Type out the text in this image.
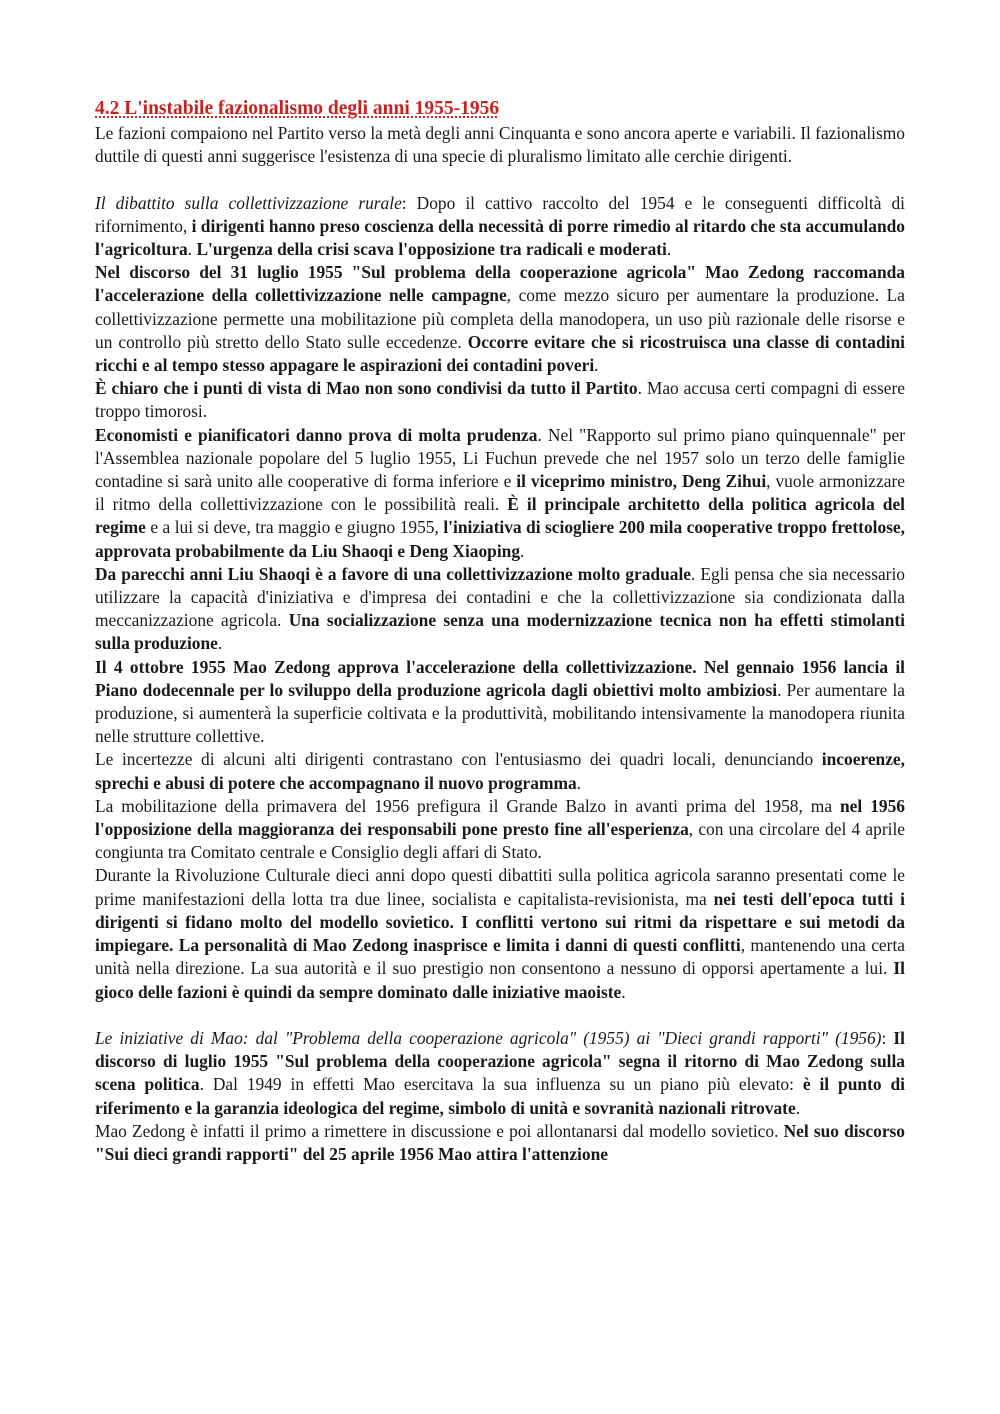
4.2 L'instabile fazionalismo degli anni 1955-1956

Le fazioni compaiono nel Partito verso la metà degli anni Cinquanta e sono ancora aperte e variabili. Il fazionalismo duttile di questi anni suggerisce l'esistenza di una specie di pluralismo limitato alle cerchie dirigenti.

Il dibattito sulla collettivizzazione rurale: Dopo il cattivo raccolto del 1954 e le conseguenti difficoltà di rifornimento, i dirigenti hanno preso coscienza della necessità di porre rimedio al ritardo che sta accumulando l'agricoltura. L'urgenza della crisi scava l'opposizione tra radicali e moderati.

Nel discorso del 31 luglio 1955 "Sul problema della cooperazione agricola" Mao Zedong raccomanda l'accelerazione della collettivizzazione nelle campagne, come mezzo sicuro per aumentare la produzione. La collettivizzazione permette una mobilitazione più completa della manodopera, un uso più razionale delle risorse e un controllo più stretto dello Stato sulle eccedenze. Occorre evitare che si ricostruisca una classe di contadini ricchi e al tempo stesso appagare le aspirazioni dei contadini poveri.

È chiaro che i punti di vista di Mao non sono condivisi da tutto il Partito. Mao accusa certi compagni di essere troppo timorosi.

Economisti e pianificatori danno prova di molta prudenza. Nel "Rapporto sul primo piano quinquennale" per l'Assemblea nazionale popolare del 5 luglio 1955, Li Fuchun prevede che nel 1957 solo un terzo delle famiglie contadine si sarà unito alle cooperative di forma inferiore e il viceprimo ministro, Deng Zihui, vuole armonizzare il ritmo della collettivizzazione con le possibilità reali. È il principale architetto della politica agricola del regime e a lui si deve, tra maggio e giugno 1955, l'iniziativa di sciogliere 200 mila cooperative troppo frettolose, approvata probabilmente da Liu Shaoqi e Deng Xiaoping.

Da parecchi anni Liu Shaoqi è a favore di una collettivizzazione molto graduale. Egli pensa che sia necessario utilizzare la capacità d'iniziativa e d'impresa dei contadini e che la collettivizzazione sia condizionata dalla meccanizzazione agricola. Una socializzazione senza una modernizzazione tecnica non ha effetti stimolanti sulla produzione.

Il 4 ottobre 1955 Mao Zedong approva l'accelerazione della collettivizzazione. Nel gennaio 1956 lancia il Piano dodecennale per lo sviluppo della produzione agricola dagli obiettivi molto ambiziosi. Per aumentare la produzione, si aumenterà la superficie coltivata e la produttività, mobilitando intensivamente la manodopera riunita nelle strutture collettive.

Le incertezze di alcuni alti dirigenti contrastano con l'entusiasmo dei quadri locali, denunciando incoerenze, sprechi e abusi di potere che accompagnano il nuovo programma.

La mobilitazione della primavera del 1956 prefigura il Grande Balzo in avanti prima del 1958, ma nel 1956 l'opposizione della maggioranza dei responsabili pone presto fine all'esperienza, con una circolare del 4 aprile congiunta tra Comitato centrale e Consiglio degli affari di Stato.

Durante la Rivoluzione Culturale dieci anni dopo questi dibattiti sulla politica agricola saranno presentati come le prime manifestazioni della lotta tra due linee, socialista e capitalista-revisionista, ma nei testi dell'epoca tutti i dirigenti si fidano molto del modello sovietico. I conflitti vertono sui ritmi da rispettare e sui metodi da impiegare. La personalità di Mao Zedong inasprisce e limita i danni di questi conflitti, mantenendo una certa unità nella direzione. La sua autorità e il suo prestigio non consentono a nessuno di opporsi apertamente a lui. Il gioco delle fazioni è quindi da sempre dominato dalle iniziative maoiste.

Le iniziative di Mao: dal "Problema della cooperazione agricola" (1955) ai "Dieci grandi rapporti" (1956): Il discorso di luglio 1955 "Sul problema della cooperazione agricola" segna il ritorno di Mao Zedong sulla scena politica. Dal 1949 in effetti Mao esercitava la sua influenza su un piano più elevato: è il punto di riferimento e la garanzia ideologica del regime, simbolo di unità e sovranità nazionali ritrovate.

Mao Zedong è infatti il primo a rimettere in discussione e poi allontanarsi dal modello sovietico. Nel suo discorso "Sui dieci grandi rapporti" del 25 aprile 1956 Mao attira l'attenzione
